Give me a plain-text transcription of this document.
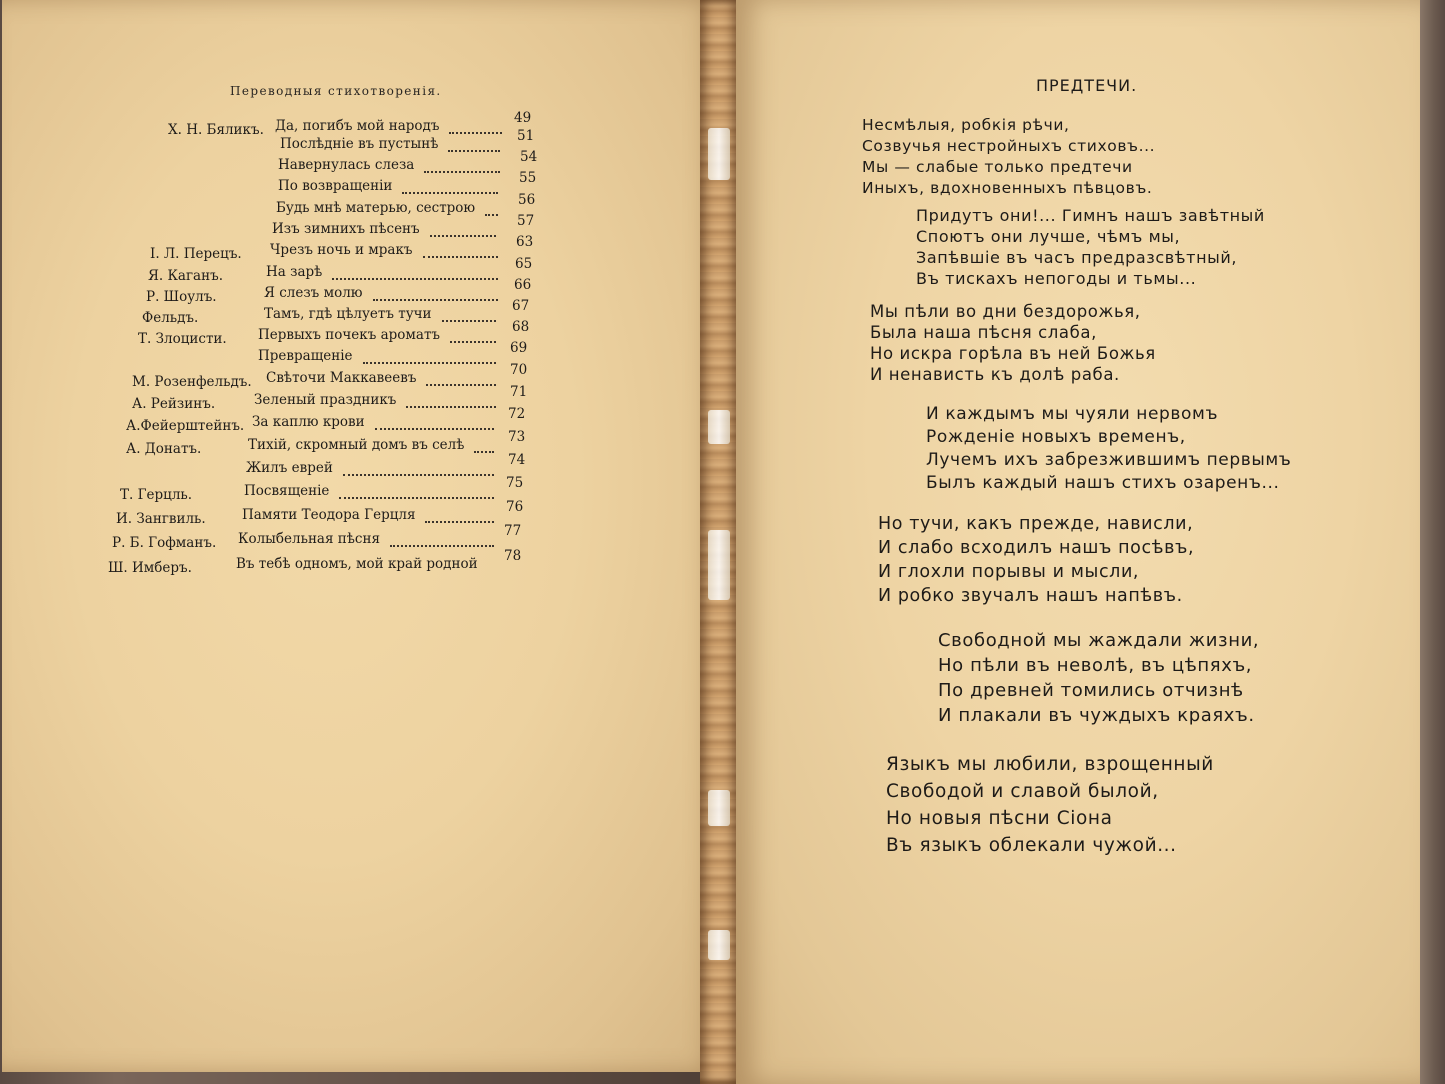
Переводныя стихотворенія.
Х. Н. Бяликъ. Да, погибъ мой народъ	49
Послѣдніе въ пустынѣ	51
Навернулась слеза	54
По возвращеніи	55
Будь мнѣ матерью, сестрою	56
Изъ зимнихъ пѣсенъ	57
І. Л. Перецъ. Чрезъ ночь и мракъ	63
Я. Каганъ.	На зарѣ	65
Р. Шоулъ.	Я слезъ молю	66
Фельдъ.	Тамъ, гдѣ цѣлуетъ тучи	67
Т. Злоцисти. Первыхъ почекъ ароматъ	68
Превращеніе	69
М. Розенфельдъ. Свѣточи Маккавеевъ	70
А. Рейзинъ.	Зеленый праздникъ	71
А.Фейерштейнъ. За каплю крови	72
А. Донатъ.	Тихій, скромный домъ въ селѣ	73
Жилъ еврей	74
Т. Герцль.	Посвященіе	75
И. Зангвиль.	Памяти Теодора Герцля	76
Р. Б. Гофманъ. Колыбельная пѣсня	77
Ш. Имберъ.	Въ тебѣ одномъ, мой край родной 78
ПРЕДТЕЧИ.
Несмѣлыя, робкія рѣчи,
Созвучья нестройныхъ стиховъ...
Мы — слабые только предтечи
Иныхъ, вдохновенныхъ пѣвцовъ.
Придутъ они!... Гимнъ нашъ завѣтный
Споютъ они лучше, чѣмъ мы,
Запѣвшіе въ часъ предразсвѣтный,
Въ тискахъ непогоды и тьмы...
Мы пѣли во дни бездорожья,
Была наша пѣсня слаба,
Но искра горѣла въ ней Божья
И ненависть къ долѣ раба.
И каждымъ мы чуяли нервомъ
Рожденіе новыхъ временъ,
Лучемъ ихъ забрезжившимъ первымъ
Былъ каждый нашъ стихъ озаренъ...
Но тучи, какъ прежде, нависли,
И слабо всходилъ нашъ посѣвъ,
И глохли порывы и мысли,
И робко звучалъ нашъ напѣвъ.
Свободной мы жаждали жизни,
Но пѣли въ неволѣ, въ цѣпяхъ,
По древней томились отчизнѣ
И плакали въ чуждыхъ краяхъ.
Языкъ мы любили, взрощенный
Свободой и славой былой,
Но новыя пѣсни Сіона
Въ языкъ облекали чужой...
